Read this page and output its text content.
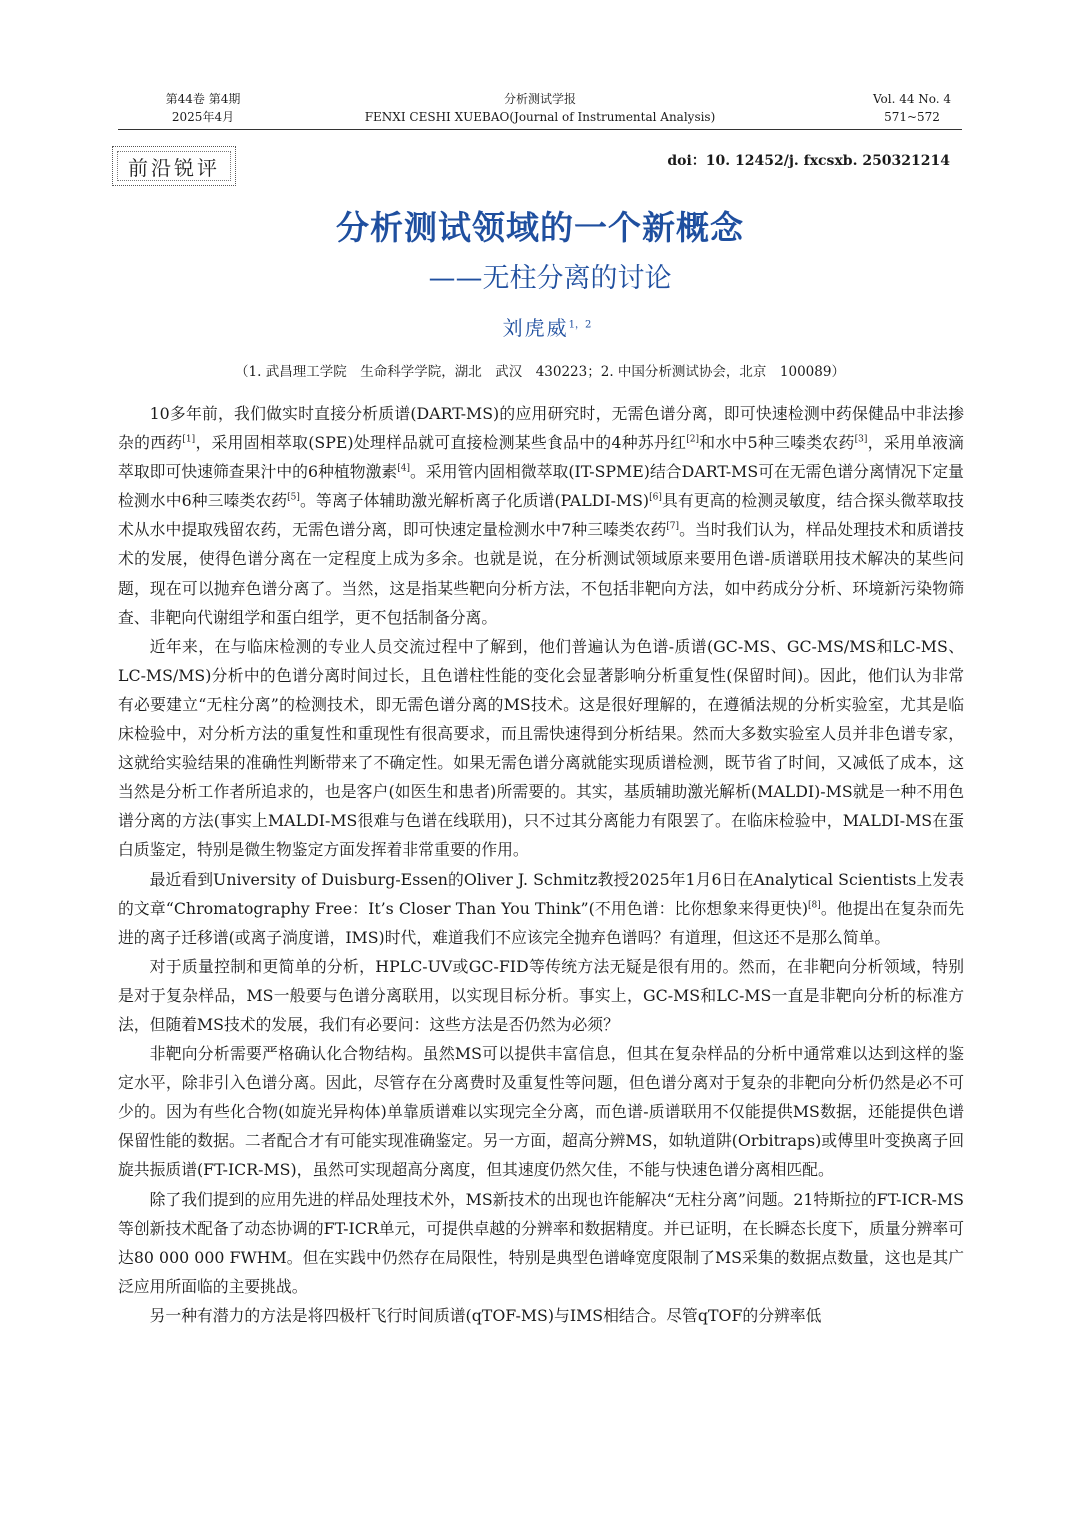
第44卷 第4期
2025年4月
分析测试学报
FENXI CESHI XUEBAO(Journal of Instrumental Analysis)
Vol. 44 No. 4
571~572
前沿锐评	doi：10. 12452/j. fxcsxb. 250321214
分析测试领域的一个新概念
——无柱分离的讨论
刘虎威$^{1,2}$
（1. 武昌理工学院　生命科学学院，湖北　武汉　430223；2. 中国分析测试协会，北京　100089）

10多年前，我们做实时直接分析质谱(DART-MS)的应用研究时，无需色谱分离，即可快速检测中药保健品中非法掺杂的西药[1]，采用固相萃取(SPE)处理样品就可直接检测某些食品中的4种苏丹红[2]和水中5种三嗪类农药[3]，采用单液滴萃取即可快速筛查果汁中的6种植物激素[4]。采用管内固相微萃取(IT-SPME)结合DART-MS可在无需色谱分离情况下定量检测水中6种三嗪类农药[5]。等离子体辅助激光解析离子化质谱(PALDI-MS)[6]具有更高的检测灵敏度，结合探头微萃取技术从水中提取残留农药，无需色谱分离，即可快速定量检测水中7种三嗪类农药[7]。当时我们认为，样品处理技术和质谱技术的发展，使得色谱分离在一定程度上成为多余。也就是说，在分析测试领域原来要用色谱-质谱联用技术解决的某些问题，现在可以抛弃色谱分离了。当然，这是指某些靶向分析方法，不包括非靶向方法，如中药成分分析、环境新污染物筛查、非靶向代谢组学和蛋白组学，更不包括制备分离。

近年来，在与临床检测的专业人员交流过程中了解到，他们普遍认为色谱-质谱(GC-MS、GC-MS/MS和LC-MS、LC-MS/MS)分析中的色谱分离时间过长，且色谱柱性能的变化会显著影响分析重复性(保留时间)。因此，他们认为非常有必要建立“无柱分离”的检测技术，即无需色谱分离的MS技术。这是很好理解的，在遵循法规的分析实验室，尤其是临床检验中，对分析方法的重复性和重现性有很高要求，而且需快速得到分析结果。然而大多数实验室人员并非色谱专家，这就给实验结果的准确性判断带来了不确定性。如果无需色谱分离就能实现质谱检测，既节省了时间，又减低了成本，这当然是分析工作者所追求的，也是客户(如医生和患者)所需要的。其实，基质辅助激光解析(MALDI)-MS就是一种不用色谱分离的方法(事实上MALDI-MS很难与色谱在线联用)，只不过其分离能力有限罢了。在临床检验中，MALDI-MS在蛋白质鉴定，特别是微生物鉴定方面发挥着非常重要的作用。

最近看到University of Duisburg-Essen的Oliver J. Schmitz教授2025年1月6日在Analytical Scientists上发表的文章“Chromatography Free：It’s Closer Than You Think”(不用色谱：比你想象来得更快)[8]。他提出在复杂而先进的离子迁移谱(或离子淌度谱，IMS)时代，难道我们不应该完全抛弃色谱吗？有道理，但这还不是那么简单。

对于质量控制和更简单的分析，HPLC-UV或GC-FID等传统方法无疑是很有用的。然而，在非靶向分析领域，特别是对于复杂样品，MS一般要与色谱分离联用，以实现目标分析。事实上，GC-MS和LC-MS一直是非靶向分析的标准方法，但随着MS技术的发展，我们有必要问：这些方法是否仍然为必须？

非靶向分析需要严格确认化合物结构。虽然MS可以提供丰富信息，但其在复杂样品的分析中通常难以达到这样的鉴定水平，除非引入色谱分离。因此，尽管存在分离费时及重复性等问题，但色谱分离对于复杂的非靶向分析仍然是必不可少的。因为有些化合物(如旋光异构体)单靠质谱难以实现完全分离，而色谱-质谱联用不仅能提供MS数据，还能提供色谱保留性能的数据。二者配合才有可能实现准确鉴定。另一方面，超高分辨MS，如轨道阱(Orbitraps)或傅里叶变换离子回旋共振质谱(FT-ICR-MS)，虽然可实现超高分离度，但其速度仍然欠佳，不能与快速色谱分离相匹配。

除了我们提到的应用先进的样品处理技术外，MS新技术的出现也许能解决“无柱分离”问题。21特斯拉的FT-ICR-MS等创新技术配备了动态协调的FT-ICR单元，可提供卓越的分辨率和数据精度。并已证明，在长瞬态长度下，质量分辨率可达80 000 000 FWHM。但在实践中仍然存在局限性，特别是典型色谱峰宽度限制了MS采集的数据点数量，这也是其广泛应用所面临的主要挑战。

另一种有潜力的方法是将四极杆飞行时间质谱(qTOF-MS)与IMS相结合。尽管qTOF的分辨率低
